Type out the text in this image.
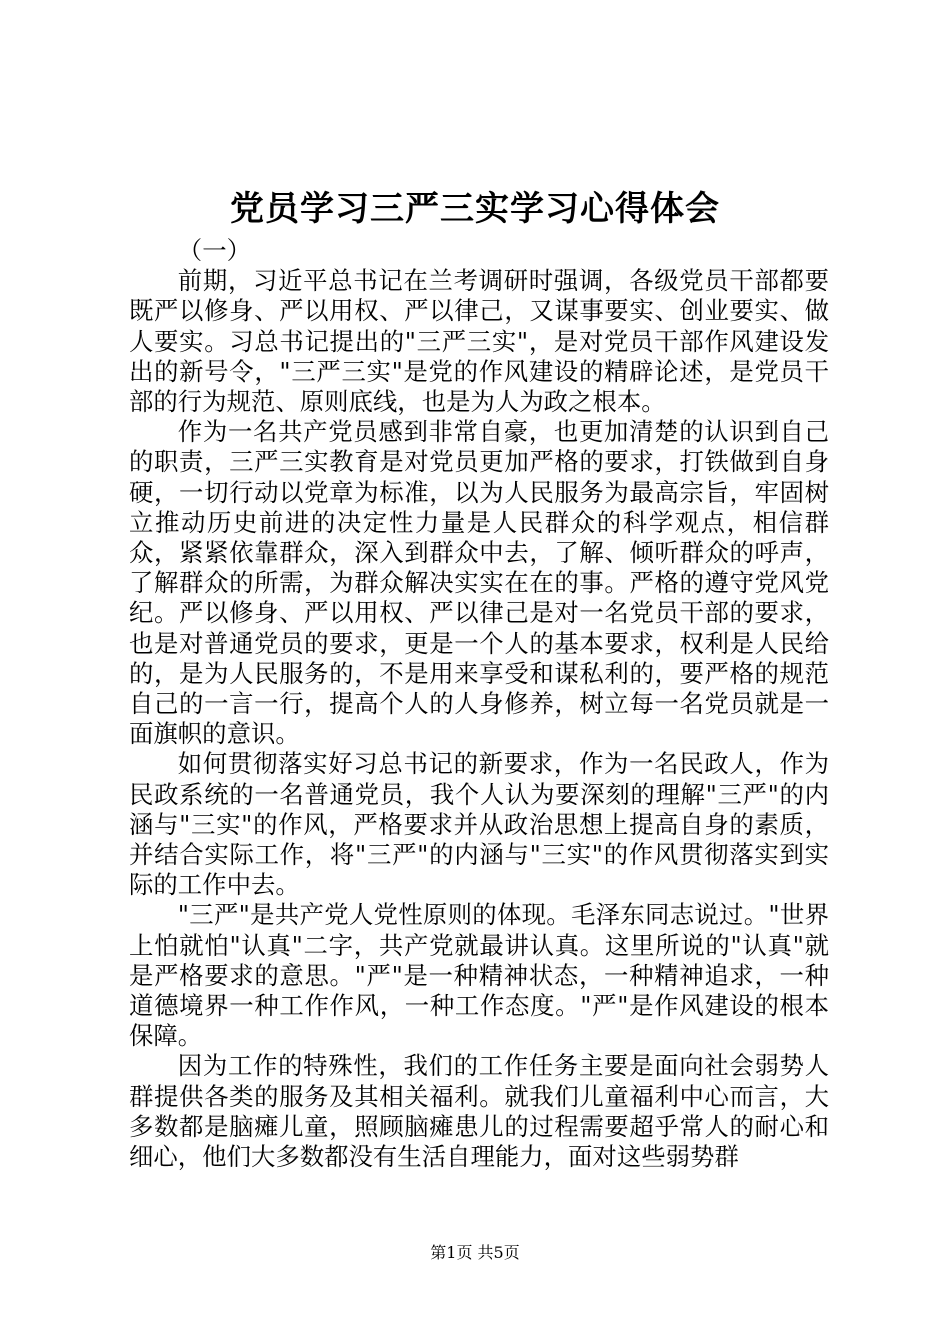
党员学习三严三实学习心得体会

（一）

前期，习近平总书记在兰考调研时强调，各级党员干部都要既严以修身、严以用权、严以律己，又谋事要实、创业要实、做人要实。习总书记提出的"三严三实"，是对党员干部作风建设发出的新号令，"三严三实"是党的作风建设的精辟论述，是党员干部的行为规范、原则底线，也是为人为政之根本。

作为一名共产党员感到非常自豪，也更加清楚的认识到自己的职责，三严三实教育是对党员更加严格的要求，打铁做到自身硬，一切行动以党章为标准，以为人民服务为最高宗旨，牢固树立推动历史前进的决定性力量是人民群众的科学观点，相信群众，紧紧依靠群众，深入到群众中去，了解、倾听群众的呼声，了解群众的所需，为群众解决实实在在的事。严格的遵守党风党纪。严以修身、严以用权、严以律己是对一名党员干部的要求，也是对普通党员的要求，更是一个人的基本要求，权利是人民给的，是为人民服务的，不是用来享受和谋私利的，要严格的规范自己的一言一行，提高个人的人身修养，树立每一名党员就是一面旗帜的意识。

如何贯彻落实好习总书记的新要求，作为一名民政人，作为民政系统的一名普通党员，我个人认为要深刻的理解"三严"的内涵与"三实"的作风，严格要求并从政治思想上提高自身的素质，并结合实际工作，将"三严"的内涵与"三实"的作风贯彻落实到实际的工作中去。

"三严"是共产党人党性原则的体现。毛泽东同志说过。"世界上怕就怕"认真"二字，共产党就最讲认真。这里所说的"认真"就是严格要求的意思。"严"是一种精神状态，一种精神追求，一种道德境界一种工作作风，一种工作态度。"严"是作风建设的根本保障。

因为工作的特殊性，我们的工作任务主要是面向社会弱势人群提供各类的服务及其相关福利。就我们儿童福利中心而言，大多数都是脑瘫儿童，照顾脑瘫患儿的过程需要超乎常人的耐心和细心，他们大多数都没有生活自理能力，面对这些弱势群

第1页 共5页
